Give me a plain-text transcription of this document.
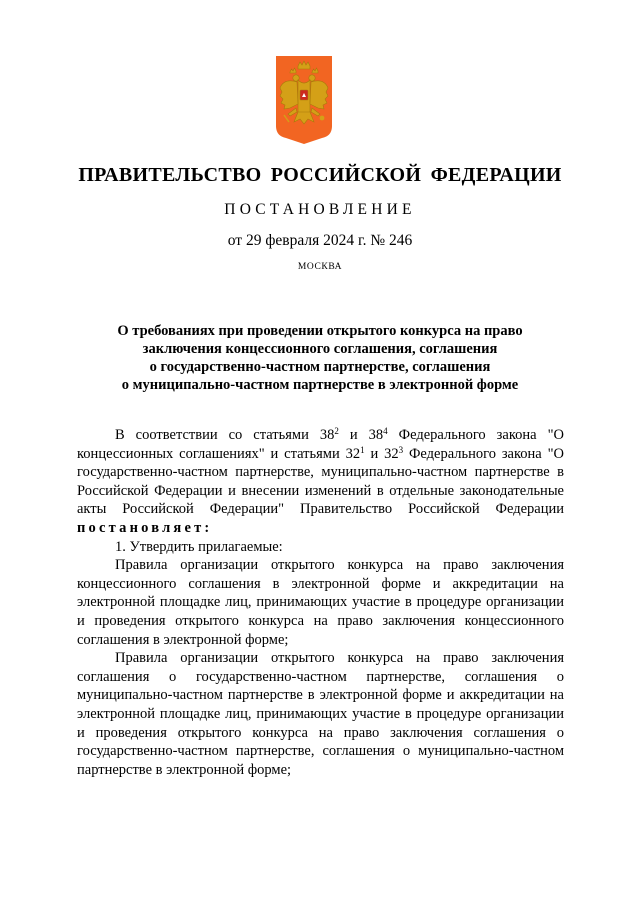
ПРАВИТЕЛЬСТВО РОССИЙСКОЙ ФЕДЕРАЦИИ
ПОСТАНОВЛЕНИЕ
от 29 февраля 2024 г. № 246
МОСКВА
О требованиях при проведении открытого конкурса на право
заключения концессионного соглашения, соглашения
о государственно-частном партнерстве, соглашения
о муниципально-частном партнерстве в электронной форме

В соответствии со статьями $38^2$ и $38^4$ Федерального закона "О концессионных соглашениях" и статьями $32^1$ и $32^3$ Федерального закона "О государственно-частном партнерстве, муниципально-частном партнерстве в Российской Федерации и внесении изменений в отдельные законодательные акты Российской Федерации" Правительство Российской Федерации постановляет:

1. Утвердить прилагаемые:

Правила организации открытого конкурса на право заключения концессионного соглашения в электронной форме и аккредитации на электронной площадке лиц, принимающих участие в процедуре организации и проведения открытого конкурса на право заключения концессионного соглашения в электронной форме;

Правила организации открытого конкурса на право заключения соглашения о государственно-частном партнерстве, соглашения о муниципально-частном партнерстве в электронной форме и аккредитации на электронной площадке лиц, принимающих участие в процедуре организации и проведения открытого конкурса на право заключения соглашения о государственно-частном партнерстве, соглашения о муниципально-частном партнерстве в электронной форме;
